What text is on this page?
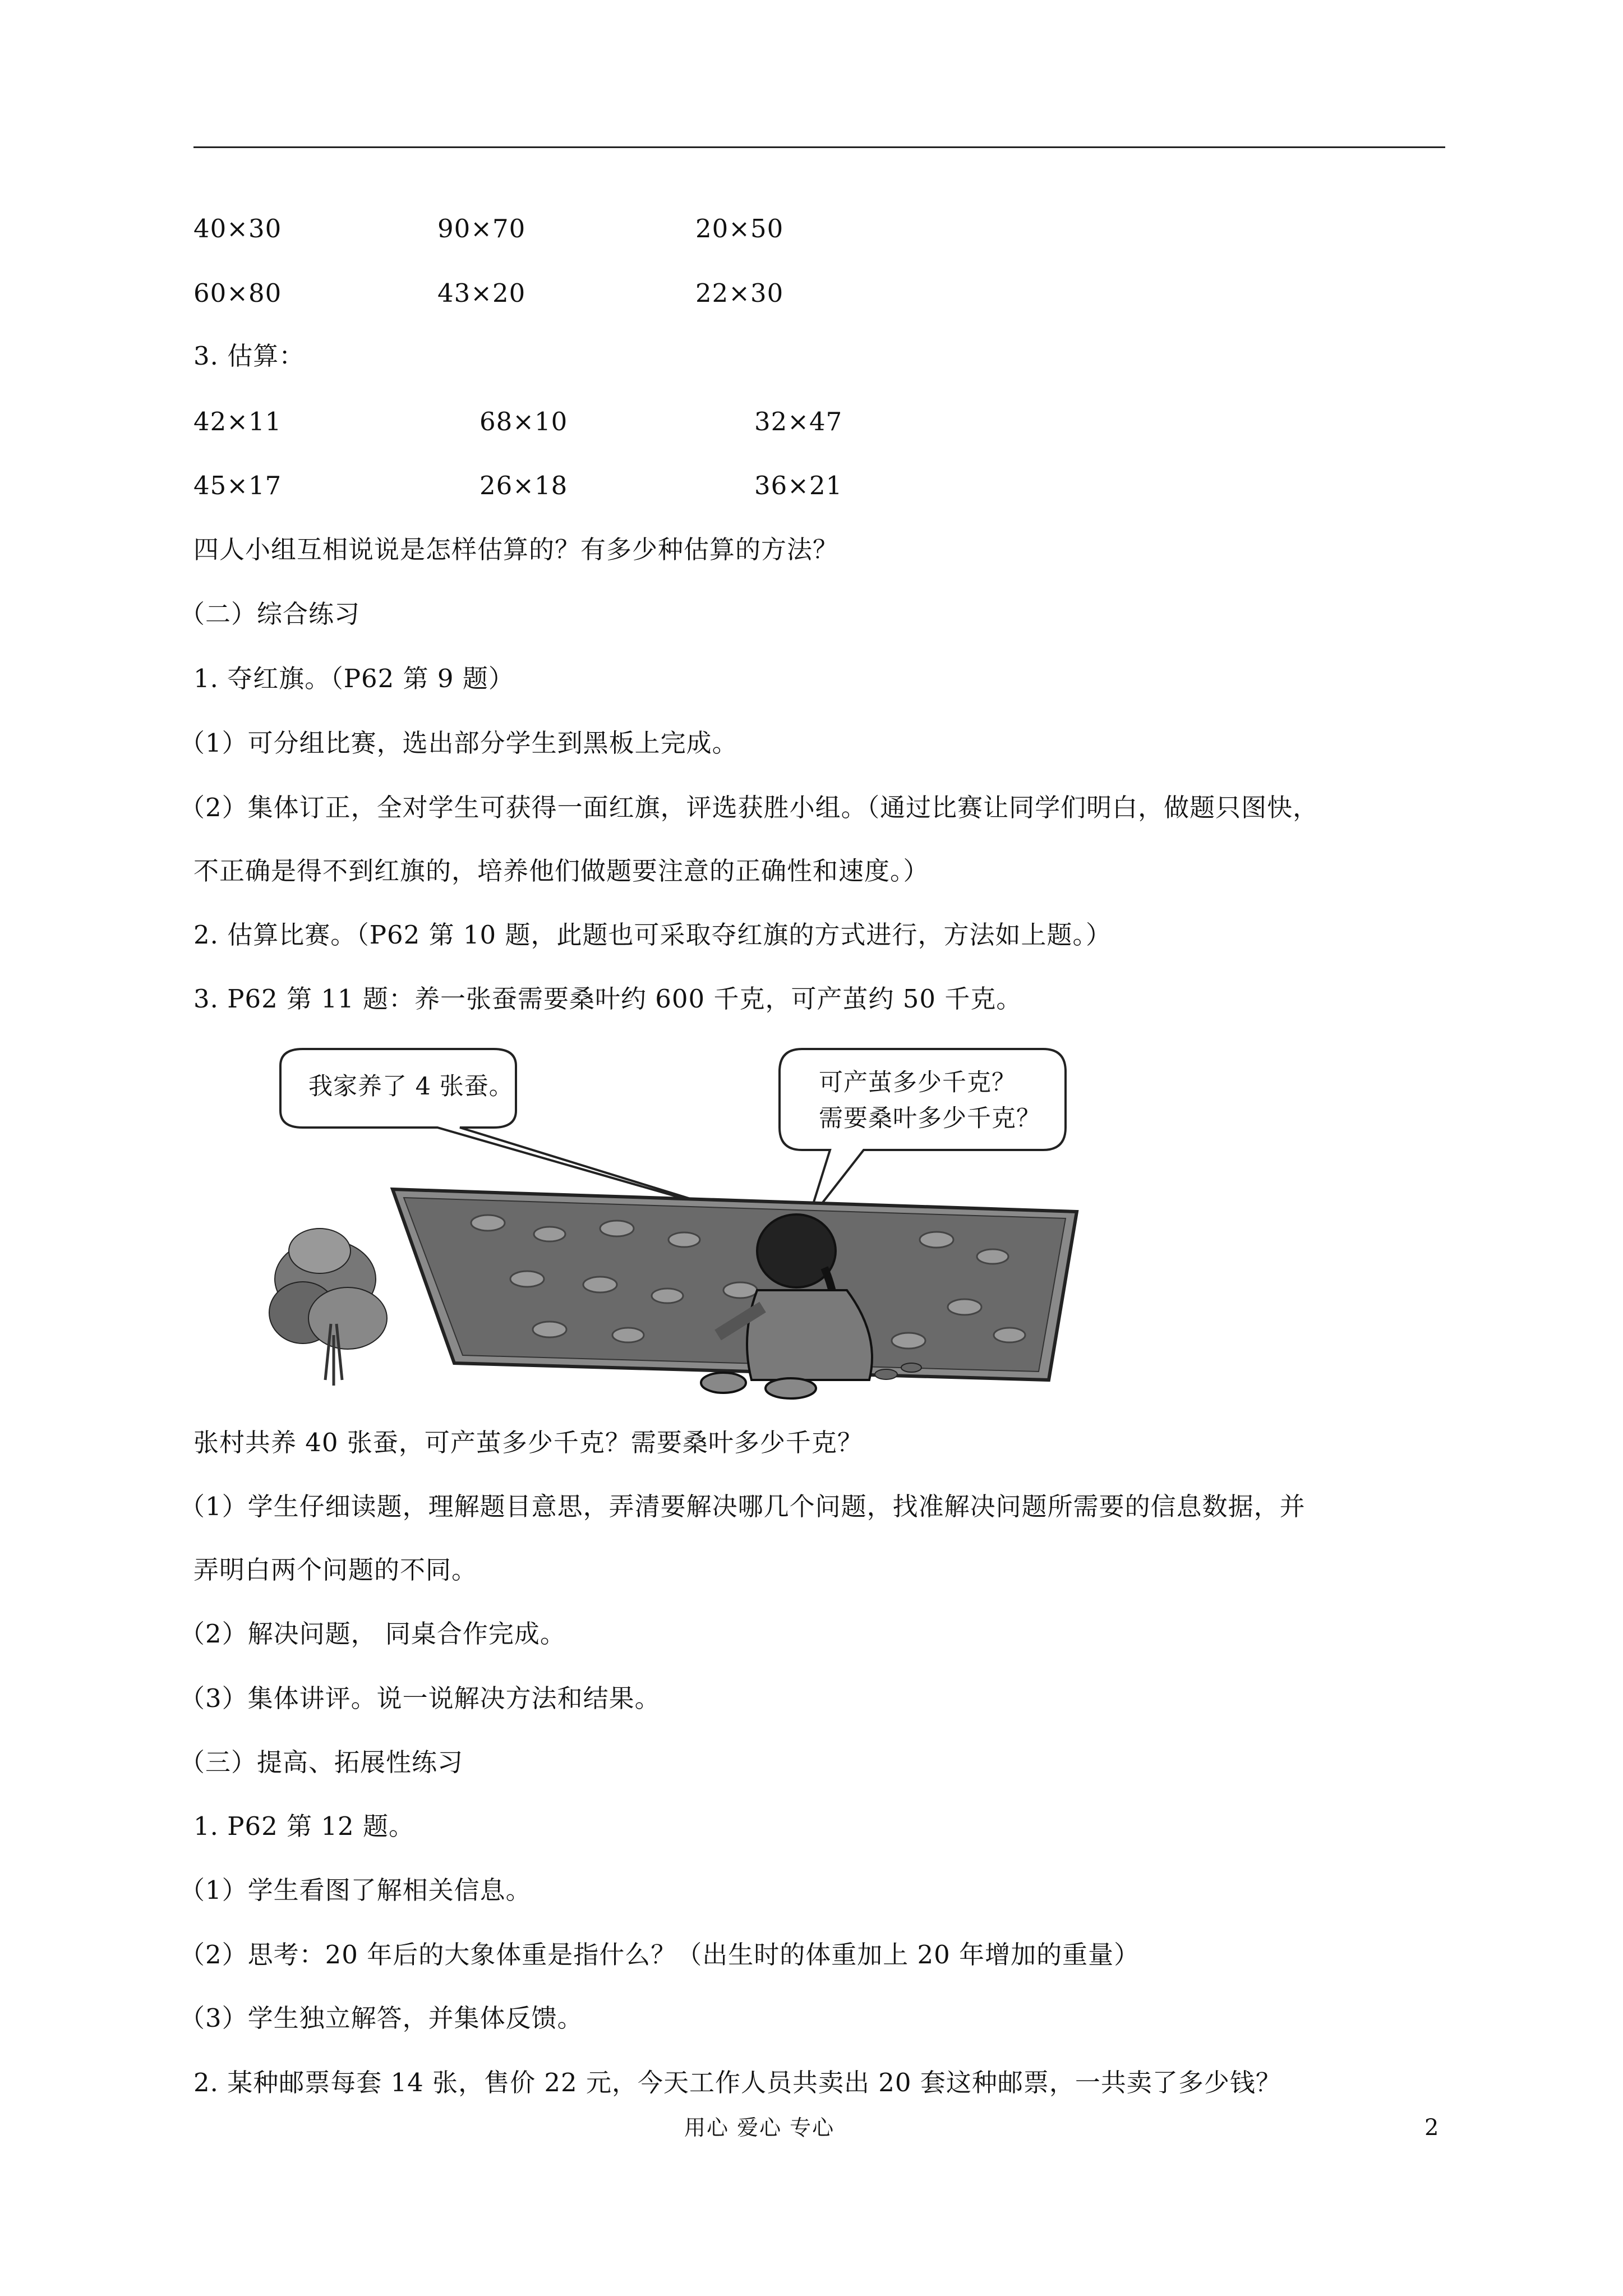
40×30	90×70	20×50
60×80	43×20	22×30
3. 估算：
42×11	68×10	32×47
45×17	26×18	36×21
四人小组互相说说是怎样估算的？有多少种估算的方法？
（二）综合练习
1. 夺红旗。（P62 第 9 题）
（1）可分组比赛，选出部分学生到黑板上完成。
（2）集体订正，全对学生可获得一面红旗，评选获胜小组。（通过比赛让同学们明白，做题只图快，
不正确是得不到红旗的，培养他们做题要注意的正确性和速度。）
2. 估算比赛。（P62 第 10 题，此题也可采取夺红旗的方式进行，方法如上题。）
3. P62 第 11 题：养一张蚕需要桑叶约 600 千克，可产茧约 50 千克。
我家养了 4 张蚕。	可产茧多少千克？
需要桑叶多少千克？
张村共养 40 张蚕，可产茧多少千克？需要桑叶多少千克？
（1）学生仔细读题，理解题目意思，弄清要解决哪几个问题，找准解决问题所需要的信息数据，并
弄明白两个问题的不同。
（2）解决问题， 同桌合作完成。
（3）集体讲评。说一说解决方法和结果。
（三）提高、拓展性练习
1. P62 第 12 题。
（1）学生看图了解相关信息。
（2）思考：20 年后的大象体重是指什么？（出生时的体重加上 20 年增加的重量）
（3）学生独立解答，并集体反馈。
2. 某种邮票每套 14 张，售价 22 元，今天工作人员共卖出 20 套这种邮票，一共卖了多少钱？
用心 爱心 专心	2
